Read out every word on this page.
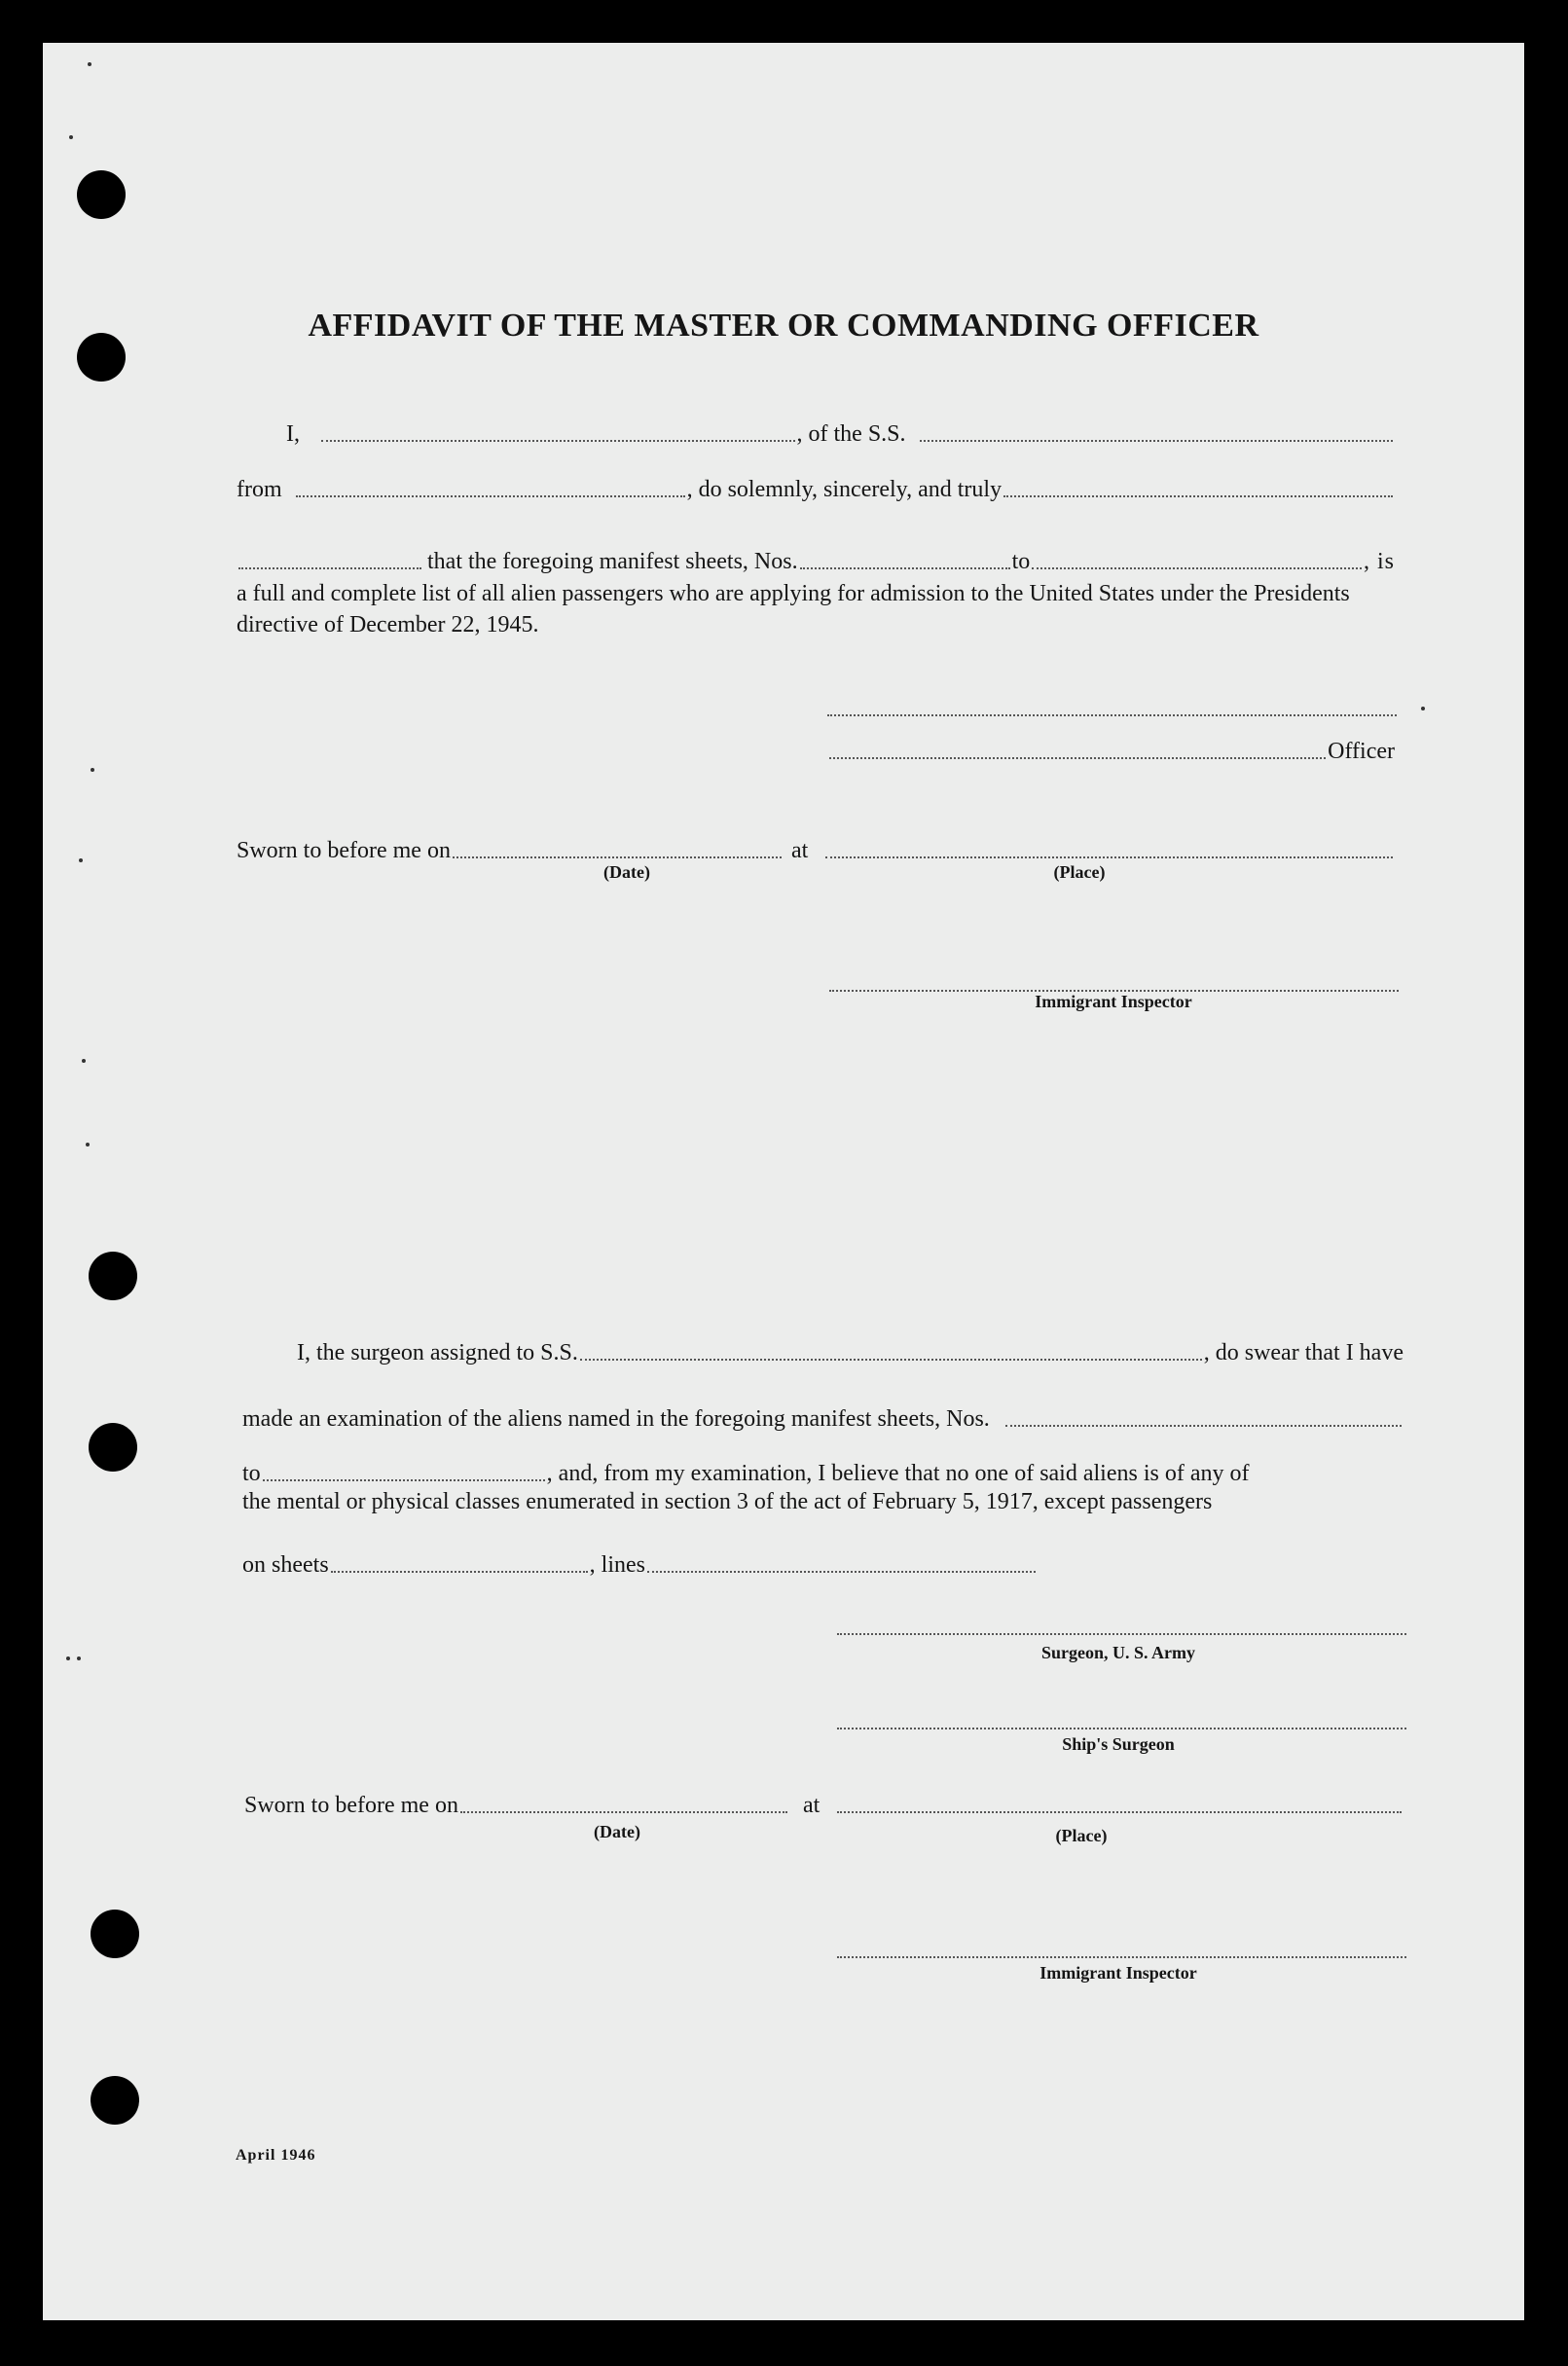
AFFIDAVIT OF THE MASTER OR COMMANDING OFFICER
I,	, of the S.S.
from	, do solemnly, sincerely, and truly
that the foregoing manifest sheets, Nos.	to	, is
a full and complete list of all alien passengers who are applying for admission to the United States under the Presidents directive of December 22, 1945.
Officer
Sworn to before me on	at
(Date)	(Place)
Immigrant Inspector
I, the surgeon assigned to S.S.	, do swear that I have
made an examination of the aliens named in the foregoing manifest sheets, Nos.
to	, and, from my examination, I believe that no one of said aliens is of any of
the mental or physical classes enumerated in section 3 of the act of February 5, 1917, except passengers
on sheets	, lines
Surgeon, U. S. Army
Ship's Surgeon
Sworn to before me on	at
(Date)	(Place)
Immigrant Inspector
April 1946
